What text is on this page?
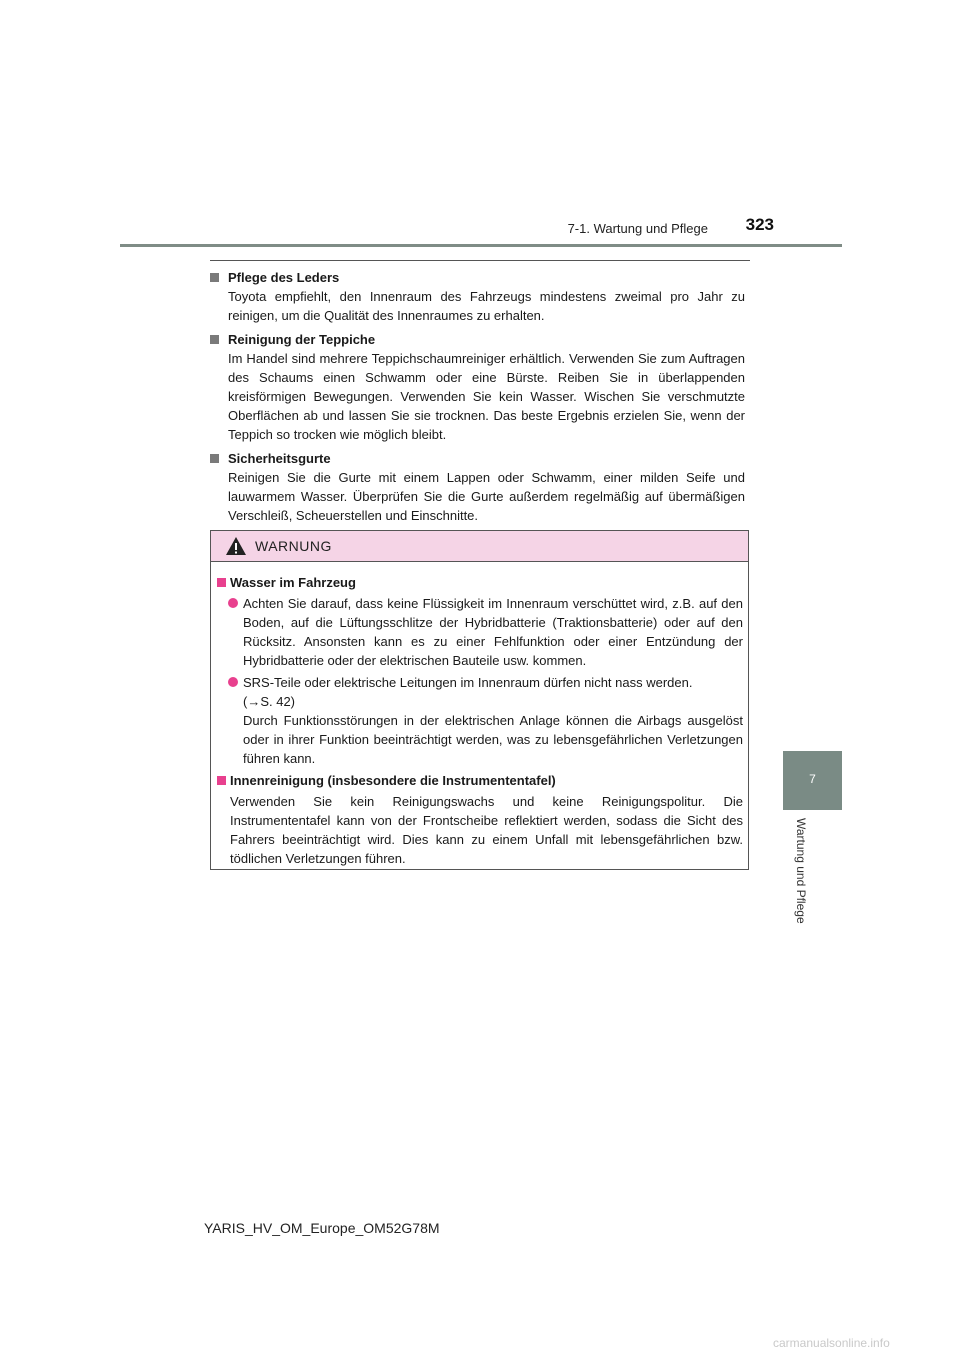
7-1. Wartung und Pflege	323

Pflege des Leders

Toyota empfiehlt, den Innenraum des Fahrzeugs mindestens zweimal pro Jahr zu reinigen, um die Qualität des Innenraumes zu erhalten.

Reinigung der Teppiche

Im Handel sind mehrere Teppichschaumreiniger erhältlich. Verwenden Sie zum Auftragen des Schaums einen Schwamm oder eine Bürste. Reiben Sie in überlappenden kreisförmigen Bewegungen. Verwenden Sie kein Wasser. Wischen Sie verschmutzte Oberflächen ab und lassen Sie sie trocknen. Das beste Ergebnis erzielen Sie, wenn der Teppich so trocken wie möglich bleibt.

Sicherheitsgurte

Reinigen Sie die Gurte mit einem Lappen oder Schwamm, einer milden Seife und lauwarmem Wasser. Überprüfen Sie die Gurte außerdem regelmäßig auf übermäßigen Verschleiß, Scheuerstellen und Einschnitte.

WARNUNG

Wasser im Fahrzeug

Achten Sie darauf, dass keine Flüssigkeit im Innenraum verschüttet wird, z.B. auf den Boden, auf die Lüftungsschlitze der Hybridbatterie (Traktionsbatterie) oder auf den Rücksitz. Ansonsten kann es zu einer Fehlfunktion oder einer Entzündung der Hybridbatterie oder der elektrischen Bauteile usw. kommen.

SRS-Teile oder elektrische Leitungen im Innenraum dürfen nicht nass werden.
(→S. 42)
Durch Funktionsstörungen in der elektrischen Anlage können die Airbags ausgelöst oder in ihrer Funktion beeinträchtigt werden, was zu lebensgefährlichen Verletzungen führen kann.

Innenreinigung (insbesondere die Instrumententafel)

Verwenden Sie kein Reinigungswachs und keine Reinigungspolitur. Die Instrumententafel kann von der Frontscheibe reflektiert werden, sodass die Sicht des Fahrers beeinträchtigt wird. Dies kann zu einem Unfall mit lebensgefährlichen bzw. tödlichen Verletzungen führen.

7
Wartung und Pflege
YARIS_HV_OM_Europe_OM52G78M
carmanualsonline.info
